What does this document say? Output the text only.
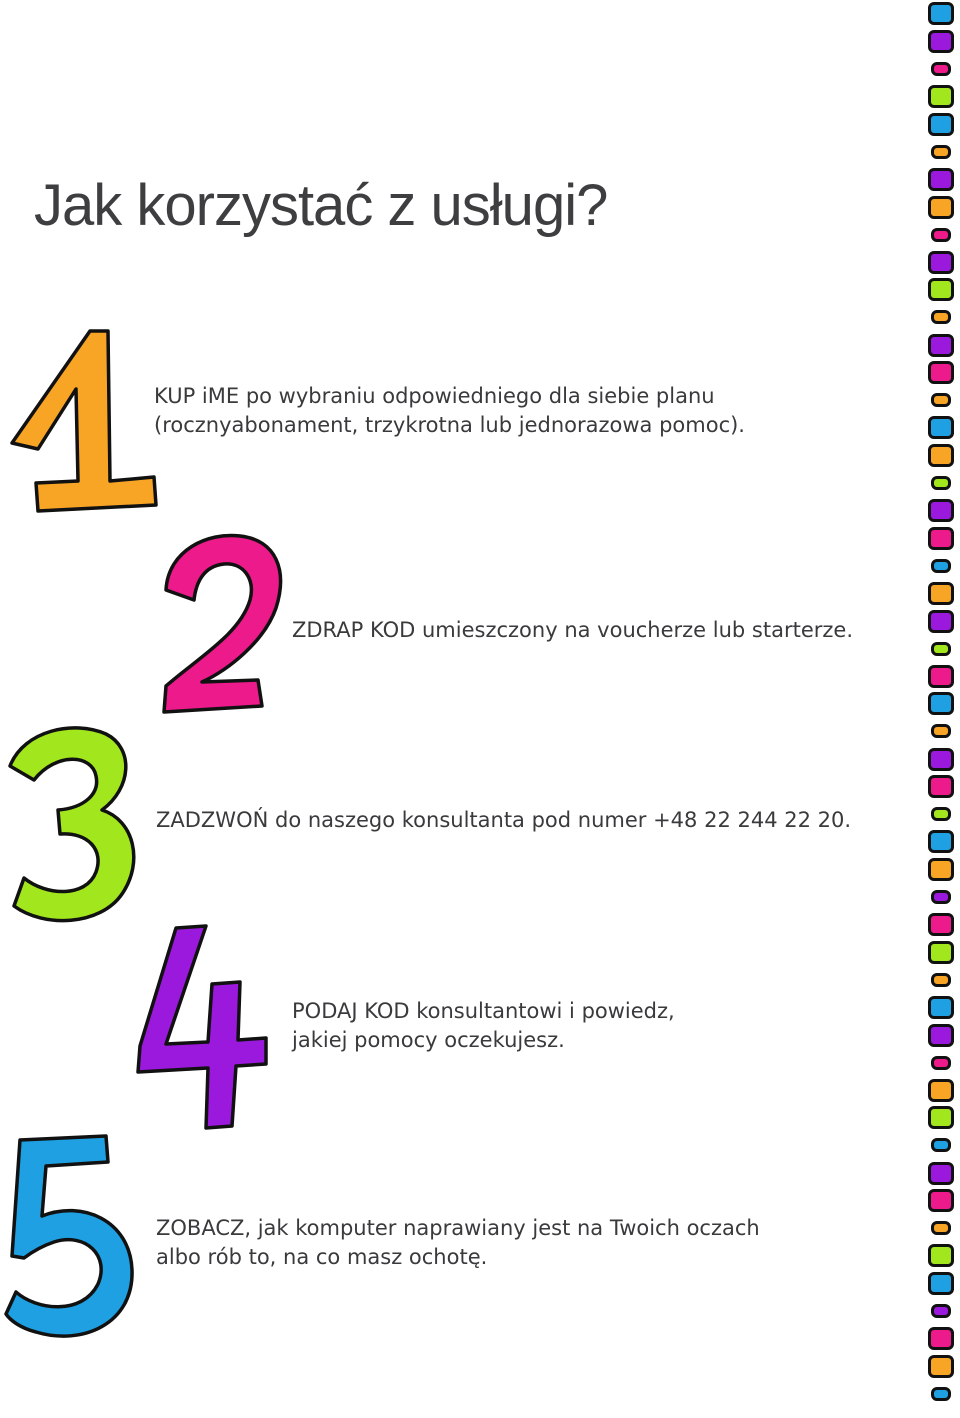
Jak korzystać z usługi?
KUP iME po wybraniu odpowiedniego dla siebie planu
(rocznyabonament, trzykrotna lub jednorazowa pomoc).
ZDRAP KOD umieszczony na voucherze lub starterze.
ZADZWOŃ do naszego konsultanta pod numer +48 22 244 22 20.
PODAJ KOD konsultantowi i powiedz,
jakiej pomocy oczekujesz.
ZOBACZ, jak komputer naprawiany jest na Twoich oczach
albo rób to, na co masz ochotę.
